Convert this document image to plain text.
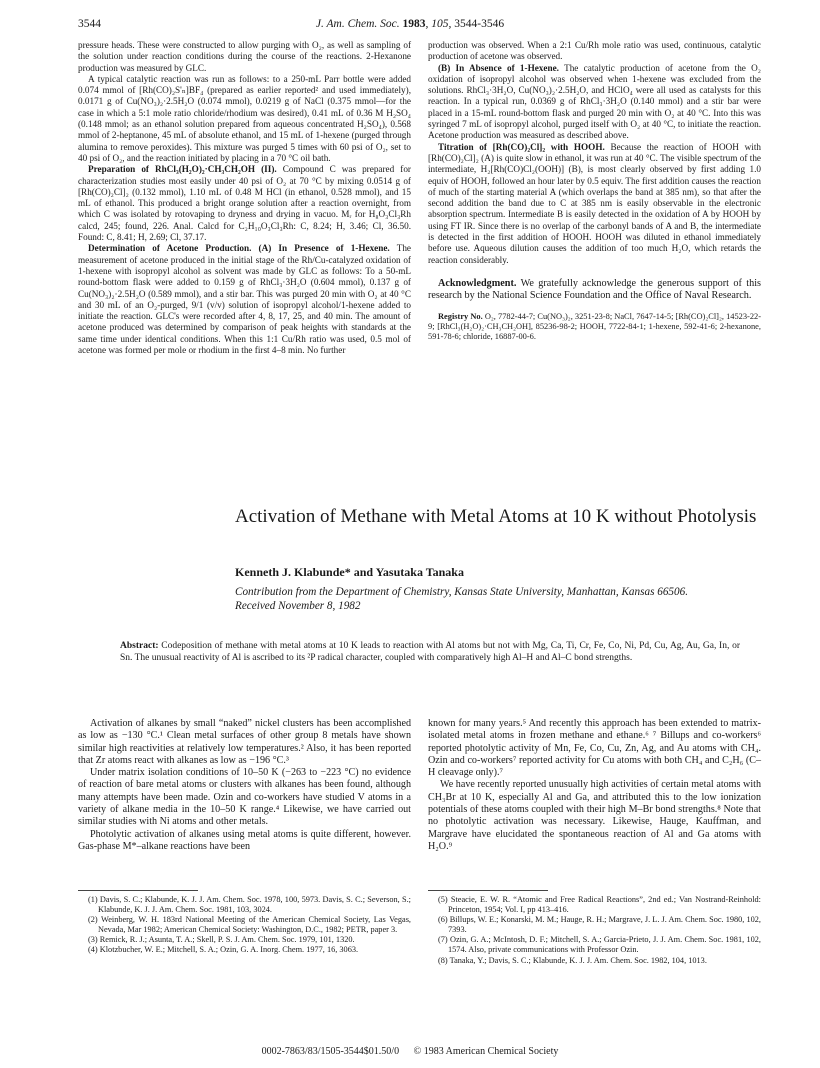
3544	J. Am. Chem. Soc. 1983, 105, 3544-3546

pressure heads. These were constructed to allow purging with O₂, as well as sampling of the solution under reaction conditions during the course of the reactions. 2-Hexanone production was measured by GLC.

A typical catalytic reaction was run as follows: to a 250-mL Parr bottle were added 0.074 mmol of [Rh(CO)₂S'ₙ]BF₄ (prepared as earlier reported² and used immediately), 0.0171 g of Cu(NO₃)₂·2.5H₂O (0.074 mmol), 0.0219 g of NaCl (0.375 mmol—for the case in which a 5:1 mole ratio chloride/rhodium was desired), 0.41 mL of 0.36 M H₂SO₄ (0.148 mmol; as an ethanol solution prepared from aqueous concentrated H₂SO₄), 0.568 mmol of 2-heptanone, 45 mL of absolute ethanol, and 15 mL of 1-hexene (purged through alumina to remove peroxides). This mixture was purged 5 times with 60 psi of O₂, set to 40 psi of O₂, and the reaction initiated by placing in a 70 °C oil bath.

Preparation of RhCl₃(H₂O)₂·CH₃CH₂OH (II). Compound C was prepared for characterization studies most easily under 40 psi of O₂ at 70 °C by mixing 0.0514 g of [Rh(CO)₂Cl]₂ (0.132 mmol), 1.10 mL of 0.48 M HCl (in ethanol, 0.528 mmol), and 15 mL of ethanol. This produced a bright orange solution after a reaction overnight, from which C was isolated by rotovaping to dryness and drying in vacuo. Mᵣ for H₈O₃Cl₃Rh calcd, 245; found, 226. Anal. Calcd for C₂H₁₀O₃Cl₃Rh: C, 8.24; H, 3.46; Cl, 36.50. Found: C, 8.41; H, 2.69; Cl, 37.17.

Determination of Acetone Production. (A) In Presence of 1-Hexene. The measurement of acetone produced in the initial stage of the Rh/Cu-catalyzed oxidation of 1-hexene with isopropyl alcohol as solvent was made by GLC as follows: To a 50-mL round-bottom flask were added to 0.159 g of RhCl₃·3H₂O (0.604 mmol), 0.137 g of Cu(NO₃)₂·2.5H₂O (0.589 mmol), and a stir bar. This was purged 20 min with O₂ at 40 °C and 30 mL of an O₂-purged, 9/1 (v/v) solution of isopropyl alcohol/1-hexene added to initiate the reaction. GLC's were recorded after 4, 8, 17, 25, and 40 min. The amount of acetone produced was determined by comparison of peak heights with standards at the same time under identical conditions. When this 1:1 Cu/Rh ratio was used, 0.5 mol of acetone was formed per mole or rhodium in the first 4–8 min. No further

production was observed. When a 2:1 Cu/Rh mole ratio was used, continuous, catalytic production of acetone was observed.

(B) In Absence of 1-Hexene. The catalytic production of acetone from the O₂ oxidation of isopropyl alcohol was observed when 1-hexene was excluded from the solutions. RhCl₃·3H₂O, Cu(NO₃)₂·2.5H₂O, and HClO₄ were all used as catalysts for this reaction. In a typical run, 0.0369 g of RhCl₃·3H₂O (0.140 mmol) and a stir bar were placed in a 15-mL round-bottom flask and purged 20 min with O₂ at 40 °C. Into this was syringed 7 mL of isopropyl alcohol, purged itself with O₂ at 40 °C, to initiate the reaction. Acetone production was measured as described above.

Titration of [Rh(CO)₂Cl]₂ with HOOH. Because the reaction of HOOH with [Rh(CO)₂Cl]₂ (A) is quite slow in ethanol, it was run at 40 °C. The visible spectrum of the intermediate, H₂[Rh(CO)Cl₂(OOH)] (B), is most clearly observed by first adding 1.0 equiv of HOOH, followed an hour later by 0.5 equiv. The first addition causes the reaction of much of the starting material A (which overlaps the band at 385 nm), so that after the second addition the band due to C at 385 nm is easily observable in the electronic absorption spectrum. Intermediate B is easily detected in the oxidation of A by HOOH by using FT IR. Since there is no overlap of the carbonyl bands of A and B, the intermediate is detected in the first addition of HOOH. HOOH was diluted in ethanol immediately before use. Aqueous dilution causes the addition of too much H₂O, which retards the reaction considerably.

Acknowledgment. We gratefully acknowledge the generous support of this research by the National Science Foundation and the Office of Naval Research.

Registry No. O₂, 7782-44-7; Cu(NO₃)₂, 3251-23-8; NaCl, 7647-14-5; [Rh(CO)₂Cl]₂, 14523-22-9; [RhCl₃(H₂O)₂·CH₃CH₂OH], 85236-98-2; HOOH, 7722-84-1; 1-hexene, 592-41-6; 2-hexanone, 591-78-6; chloride, 16887-00-6.

Activation of Methane with Metal Atoms at 10 K without Photolysis
Kenneth J. Klabunde* and Yasutaka Tanaka
Contribution from the Department of Chemistry, Kansas State University, Manhattan, Kansas 66506. Received November 8, 1982
Abstract: Codeposition of methane with metal atoms at 10 K leads to reaction with Al atoms but not with Mg, Ca, Ti, Cr, Fe, Co, Ni, Pd, Cu, Ag, Au, Ga, In, or Sn. The unusual reactivity of Al is ascribed to its ²P radical character, coupled with comparatively high Al–H and Al–C bond strengths.

Activation of alkanes by small “naked” nickel clusters has been accomplished as low as −130 °C.¹ Clean metal surfaces of other group 8 metals have shown similar high reactivities at relatively low temperatures.² Also, it has been reported that Zr atoms react with alkanes as low as −196 °C.³

Under matrix isolation conditions of 10–50 K (−263 to −223 °C) no evidence of reaction of bare metal atoms or clusters with alkanes has been found, although many attempts have been made. Ozin and co-workers have studied V atoms in a variety of alkane media in the 10–50 K range.⁴ Likewise, we have carried out similar studies with Ni atoms and other metals.

Photolytic activation of alkanes using metal atoms is quite different, however. Gas-phase M*–alkane reactions have been

known for many years.⁵ And recently this approach has been extended to matrix-isolated metal atoms in frozen methane and ethane.⁶ ⁷ Billups and co-workers⁶ reported photolytic activity of Mn, Fe, Co, Cu, Zn, Ag, and Au atoms with CH₄. Ozin and co-workers⁷ reported activity for Cu atoms with both CH₄ and C₂H₆ (C–H cleavage only).⁷

We have recently reported unusually high activities of certain metal atoms with CH₃Br at 10 K, especially Al and Ga, and attributed this to the low ionization potentials of these atoms coupled with their high M–Br bond strengths.⁸ Note that no photolytic activation was necessary. Likewise, Hauge, Kauffman, and Margrave have elucidated the spontaneous reaction of Al and Ga atoms with H₂O.⁹

(1) Davis, S. C.; Klabunde, K. J. J. Am. Chem. Soc. 1978, 100, 5973. Davis, S. C.; Severson, S.; Klabunde, K. J. J. Am. Chem. Soc. 1981, 103, 3024.

(2) Weinberg, W. H. 183rd National Meeting of the American Chemical Society, Las Vegas, Nevada, Mar 1982; American Chemical Society: Washington, D.C., 1982; PETR, paper 3.

(3) Remick, R. J.; Asunta, T. A.; Skell, P. S. J. Am. Chem. Soc. 1979, 101, 1320.

(4) Klotzbucher, W. E.; Mitchell, S. A.; Ozin, G. A. Inorg. Chem. 1977, 16, 3063.

(5) Steacie, E. W. R. “Atomic and Free Radical Reactions”, 2nd ed.; Van Nostrand-Reinhold: Princeton, 1954; Vol. I, pp 413–416.

(6) Billups, W. E.; Konarski, M. M.; Hauge, R. H.; Margrave, J. L. J. Am. Chem. Soc. 1980, 102, 7393.

(7) Ozin, G. A.; McIntosh, D. F.; Mitchell, S. A.; Garcia-Prieto, J. J. Am. Chem. Soc. 1981, 102, 1574. Also, private communications with Professor Ozin.

(8) Tanaka, Y.; Davis, S. C.; Klabunde, K. J. J. Am. Chem. Soc. 1982, 104, 1013.

0002-7863/83/1505-3544$01.50/0 © 1983 American Chemical Society
